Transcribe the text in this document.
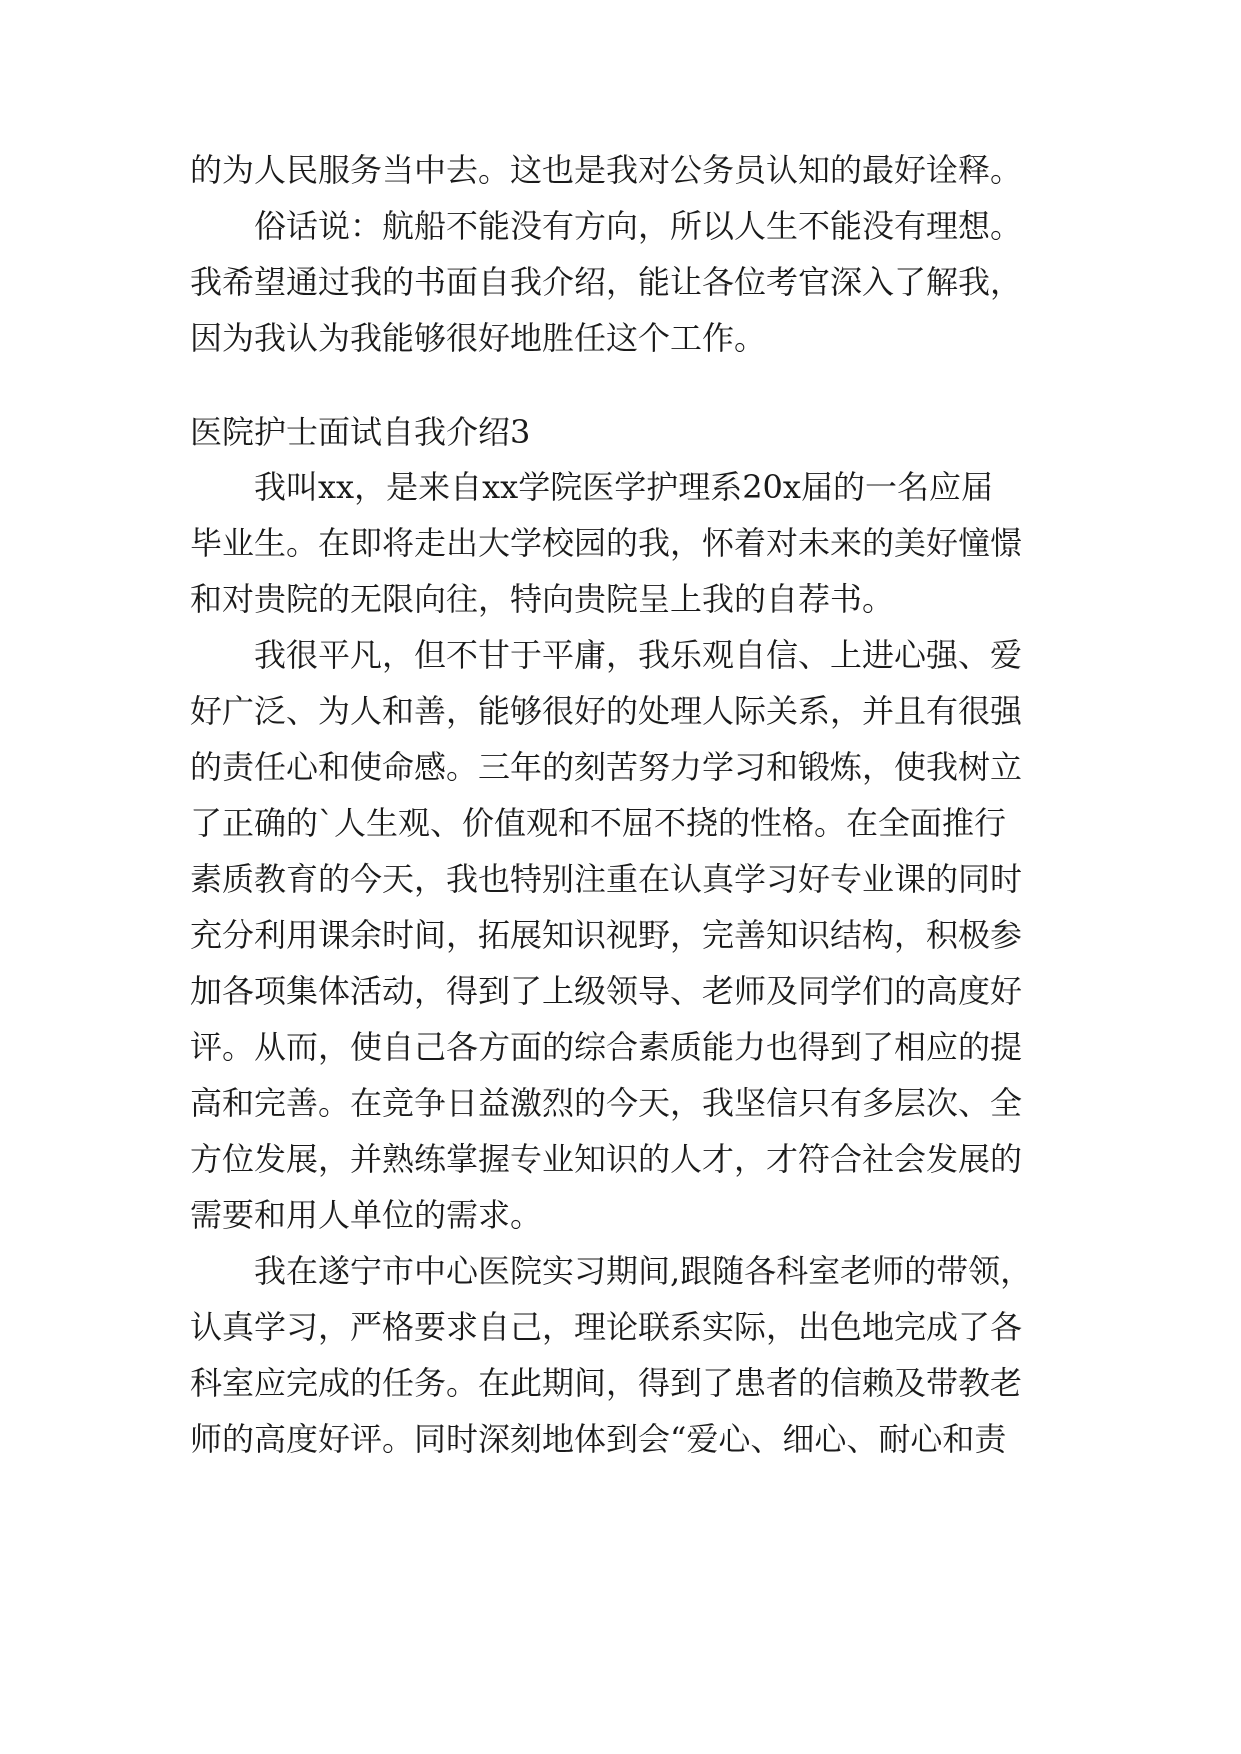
的为人民服务当中去。这也是我对公务员认知的最好诠释。
俗话说：航船不能没有方向，所以人生不能没有理想。
我希望通过我的书面自我介绍，能让各位考官深入了解我，
因为我认为我能够很好地胜任这个工作。
医院护士面试自我介绍3
我叫xx，是来自xx学院医学护理系20x届的一名应届
毕业生。在即将走出大学校园的我，怀着对未来的美好憧憬
和对贵院的无限向往，特向贵院呈上我的自荐书。
我很平凡，但不甘于平庸，我乐观自信、上进心强、爱
好广泛、为人和善，能够很好的处理人际关系，并且有很强
的责任心和使命感。三年的刻苦努力学习和锻炼，使我树立
了正确的`人生观、价值观和不屈不挠的性格。在全面推行
素质教育的今天，我也特别注重在认真学习好专业课的同时
充分利用课余时间，拓展知识视野，完善知识结构，积极参
加各项集体活动，得到了上级领导、老师及同学们的高度好
评。从而，使自己各方面的综合素质能力也得到了相应的提
高和完善。在竞争日益激烈的今天，我坚信只有多层次、全
方位发展，并熟练掌握专业知识的人才，才符合社会发展的
需要和用人单位的需求。
我在遂宁市中心医院实习期间,跟随各科室老师的带领，
认真学习，严格要求自己，理论联系实际，出色地完成了各
科室应完成的任务。在此期间，得到了患者的信赖及带教老
师的高度好评。同时深刻地体到会“爱心、细心、耐心和责
